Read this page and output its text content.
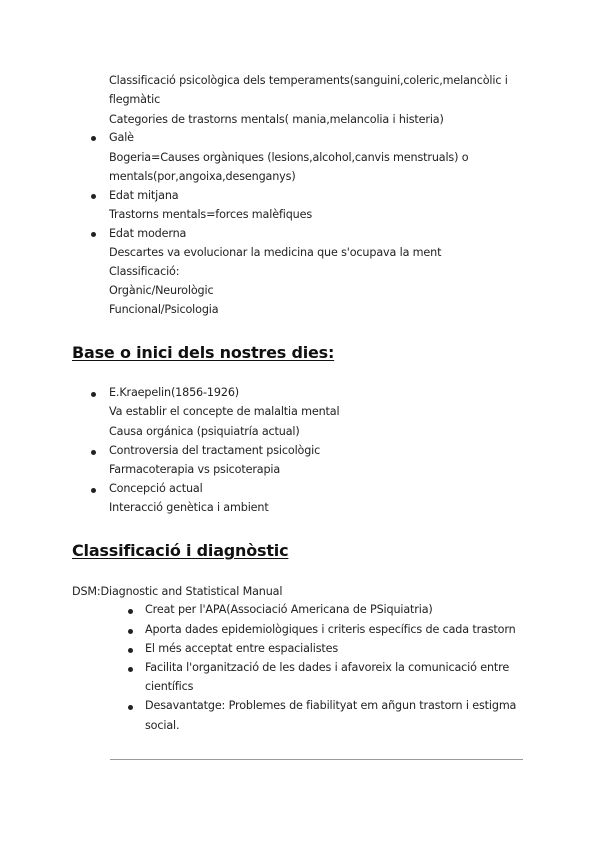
Classificació psicològica dels temperaments(sanguini,coleric,melancòlic i
flegmàtic
Categories de trastorns mentals( mania,melancolia i histeria)
Galè
Bogeria=Causes orgàniques (lesions,alcohol,canvis menstruals) o
mentals(por,angoixa,desenganys)
Edat mitjana
Trastorns mentals=forces malèfiques
Edat moderna
Descartes va evolucionar la medicina que s'ocupava la ment
Classificació:
Orgànic/Neurològic
Funcional/Psicologia
Base o inici dels nostres dies:
E.Kraepelin(1856-1926)
Va establir el concepte de malaltia mental
Causa orgánica (psiquiatría actual)
Controversia del tractament psicològic
Farmacoterapia vs psicoterapia
Concepció actual
Interacció genètica i ambient
Classificació i diagnòstic
DSM:Diagnostic and Statistical Manual
Creat per l'APA(Associació Americana de PSiquiatria)
Aporta dades epidemiològiques i criteris específics de cada trastorn
El més acceptat entre espacialistes
Facilita l'organització de les dades i afavoreix la comunicació entre
científics
Desavantatge: Problemes de fiabilityat em añgun trastorn i estigma
social.
